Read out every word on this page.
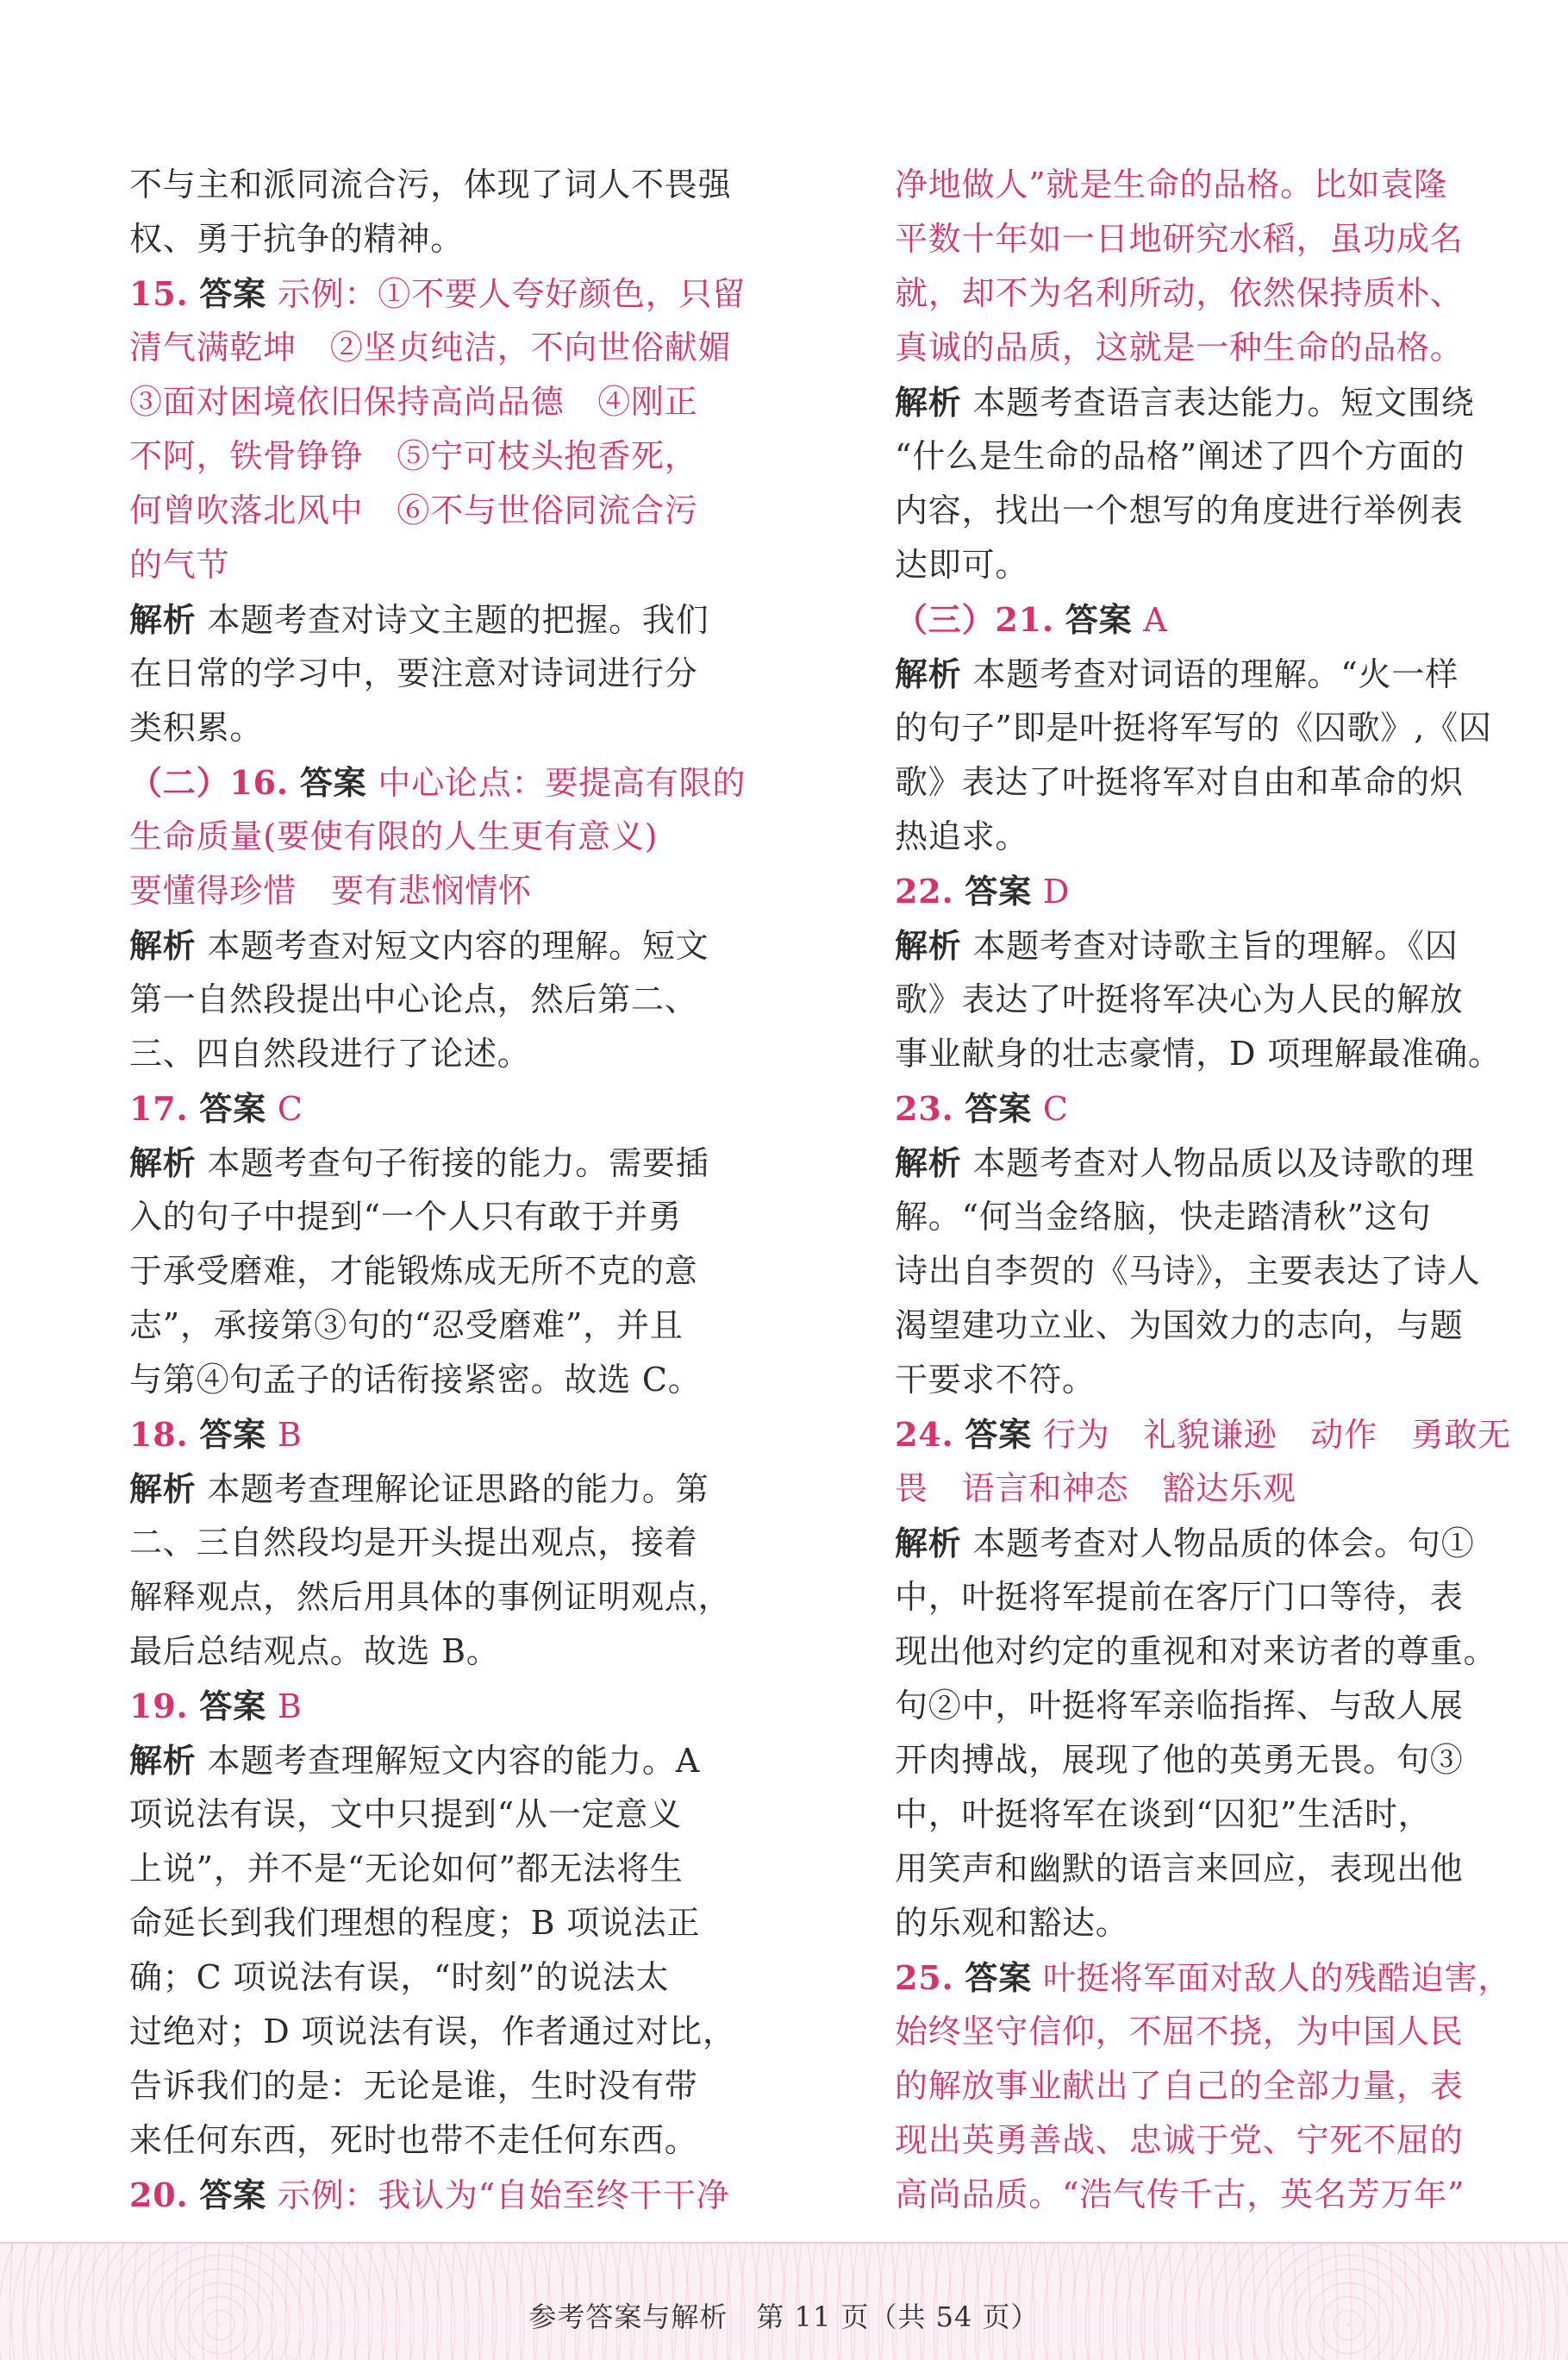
不与主和派同流合污，体现了词人不畏强
权、勇于抗争的精神。
15. 答案 示例：①不要人夸好颜色，只留
清气满乾坤　②坚贞纯洁，不向世俗献媚
③面对困境依旧保持高尚品德　④刚正
不阿，铁骨铮铮　⑤宁可枝头抱香死，
何曾吹落北风中　⑥不与世俗同流合污
的气节
解析 本题考查对诗文主题的把握。我们
在日常的学习中，要注意对诗词进行分
类积累。
（二）16. 答案 中心论点：要提高有限的
生命质量(要使有限的人生更有意义)
要懂得珍惜 要有悲悯情怀
解析 本题考查对短文内容的理解。短文
第一自然段提出中心论点，然后第二、
三、四自然段进行了论述。
17. 答案 C
解析 本题考查句子衔接的能力。需要插
入的句子中提到“一个人只有敢于并勇
于承受磨难，才能锻炼成无所不克的意
志”，承接第③句的“忍受磨难”，并且
与第④句孟子的话衔接紧密。故选 C。
18. 答案 B
解析 本题考查理解论证思路的能力。第
二、三自然段均是开头提出观点，接着
解释观点，然后用具体的事例证明观点，
最后总结观点。故选 B。
19. 答案 B
解析 本题考查理解短文内容的能力。A
项说法有误，文中只提到“从一定意义
上说”，并不是“无论如何”都无法将生
命延长到我们理想的程度；B 项说法正
确；C 项说法有误，“时刻”的说法太
过绝对；D 项说法有误，作者通过对比，
告诉我们的是：无论是谁，生时没有带
来任何东西，死时也带不走任何东西。
20. 答案 示例：我认为“自始至终干干净
净地做人”就是生命的品格。比如袁隆
平数十年如一日地研究水稻，虽功成名
就，却不为名利所动，依然保持质朴、
真诚的品质，这就是一种生命的品格。
解析 本题考查语言表达能力。短文围绕
“什么是生命的品格”阐述了四个方面的
内容，找出一个想写的角度进行举例表
达即可。
（三）21. 答案 A
解析 本题考查对词语的理解。“火一样
的句子”即是叶挺将军写的《囚歌》,《囚
歌》表达了叶挺将军对自由和革命的炽
热追求。
22. 答案 D
解析 本题考查对诗歌主旨的理解。《囚
歌》表达了叶挺将军决心为人民的解放
事业献身的壮志豪情，D 项理解最准确。
23. 答案 C
解析 本题考查对人物品质以及诗歌的理
解。“何当金络脑，快走踏清秋”这句
诗出自李贺的《马诗》，主要表达了诗人
渴望建功立业、为国效力的志向，与题
干要求不符。
24. 答案 行为　礼貌谦逊　动作　勇敢无
畏　语言和神态　豁达乐观
解析 本题考查对人物品质的体会。句①
中，叶挺将军提前在客厅门口等待，表
现出他对约定的重视和对来访者的尊重。
句②中，叶挺将军亲临指挥、与敌人展
开肉搏战，展现了他的英勇无畏。句③
中，叶挺将军在谈到“囚犯”生活时，
用笑声和幽默的语言来回应，表现出他
的乐观和豁达。
25. 答案 叶挺将军面对敌人的残酷迫害，
始终坚守信仰，不屈不挠，为中国人民
的解放事业献出了自己的全部力量，表
现出英勇善战、忠诚于党、宁死不屈的
高尚品质。“浩气传千古，英名芳万年”
参考答案与解析　第 11 页（共 54 页）
